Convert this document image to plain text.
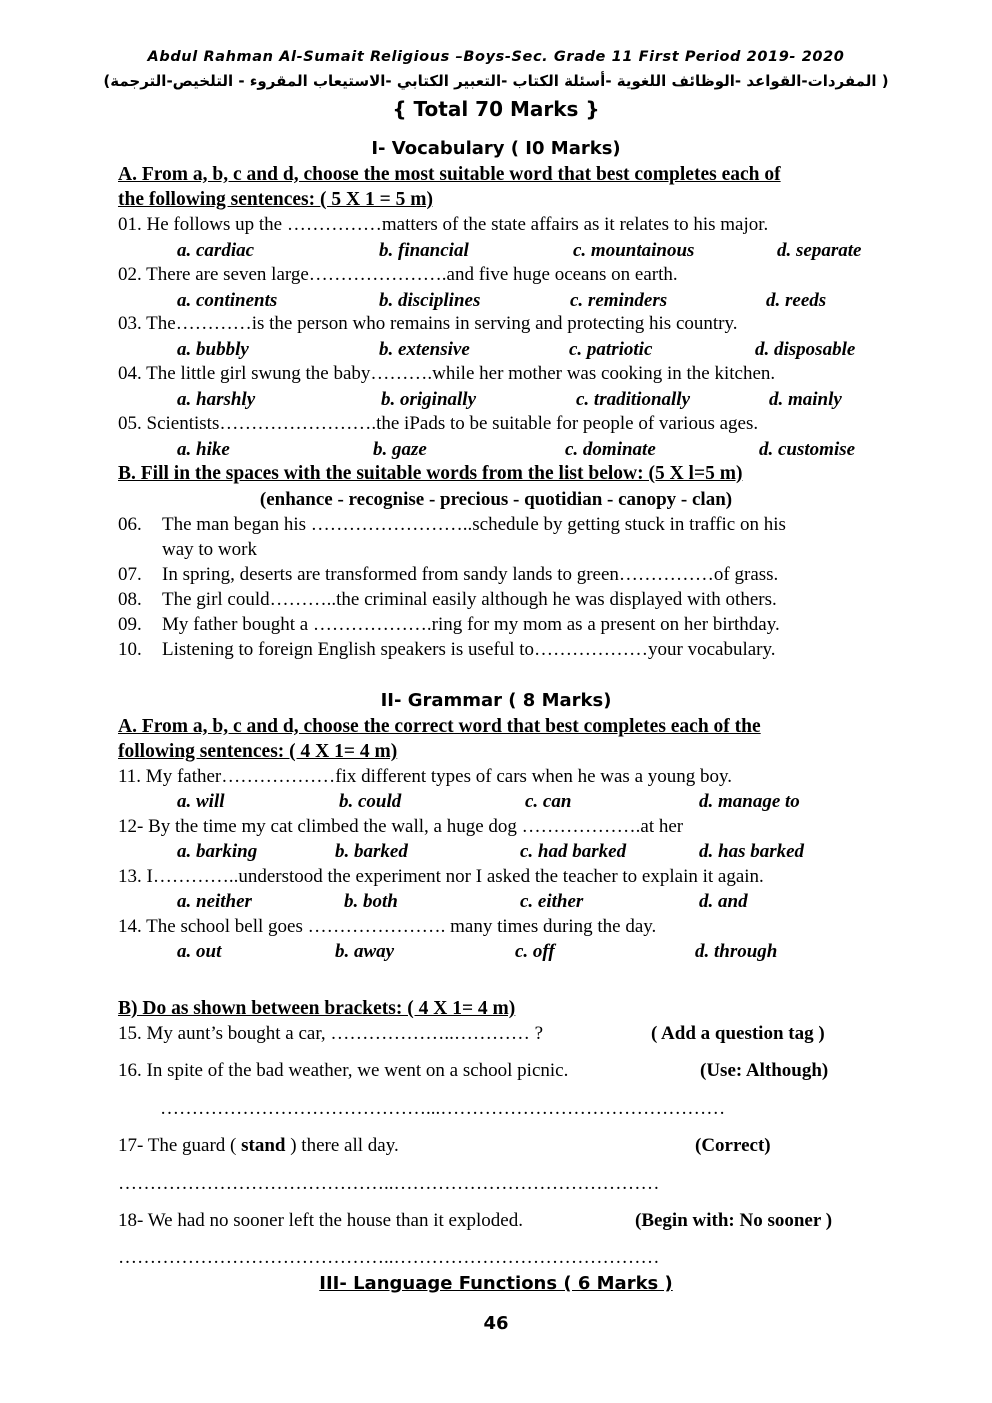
Abdul Rahman Al-Sumait Religious –Boys-Sec. Grade 11 First Period 2019- 2020
( المفردات-القواعد -الوظائف اللغوية -أسئلة الكتاب -التعبير الكتابي -الاستيعاب المقروء - التلخيص-الترجمة)
{ Total 70 Marks }
I- Vocabulary ( I0 Marks)
A. From a, b, c and d, choose the most suitable word that best completes each of
the following sentences: ( 5 X 1 = 5 m)
01. He follows up the ……………matters of the state affairs as it relates to his major.
a. cardiac	b. financial	c. mountainous	d. separate
02. There are seven large………………….and five huge oceans on earth.
a. continents	b. disciplines	c. reminders	d. reeds
03. The…………is the person who remains in serving and protecting his country.
a. bubbly	b. extensive	c. patriotic	d. disposable
04. The little girl swung the baby……….while her mother was cooking in the kitchen.
a. harshly	b. originally	c. traditionally	d. mainly
05. Scientists…………………….the iPads to be suitable for people of various ages.
a. hike	b. gaze	c. dominate	d. customise
B. Fill in the spaces with the suitable words from the list below: (5 X l=5 m)
(enhance - recognise - precious - quotidian - canopy - clan)
06. The man began his ……………………..schedule by getting stuck in traffic on his
way to work
07. In spring, deserts are transformed from sandy lands to green……………of grass.
08. The girl could………..the criminal easily although he was displayed with others.
09. My father bought a ……………….ring for my mom as a present on her birthday.
10. Listening to foreign English speakers is useful to………………your vocabulary.
II- Grammar ( 8 Marks)
A. From a, b, c and d, choose the correct word that best completes each of the
following sentences: ( 4 X 1= 4 m)
11. My father………………fix different types of cars when he was a young boy.
a. will	b. could	c. can	d. manage to
12- By the time my cat climbed the wall, a huge dog ……………….at her
a. barking	b. barked	c. had barked	d. has barked
13. I…………..understood the experiment nor I asked the teacher to explain it again.
a. neither	b. both	c. either	d. and
14. The school bell goes …………………. many times during the day.
a. out	b. away	c. off	d. through
B) Do as shown between brackets: ( 4 X 1= 4 m)
15. My aunt’s bought a car, ………………..………… ?	( Add a question tag )
16. In spite of the bad weather, we went on a school picnic.	(Use: Although)
……………………………………...………………………………………
17- The guard ( stand ) there all day.	(Correct)
……………………………………..……………………………………
18- We had no sooner left the house than it exploded.	(Begin with: No sooner )
……………………………………..……………………………………
III- Language Functions ( 6 Marks )
46
